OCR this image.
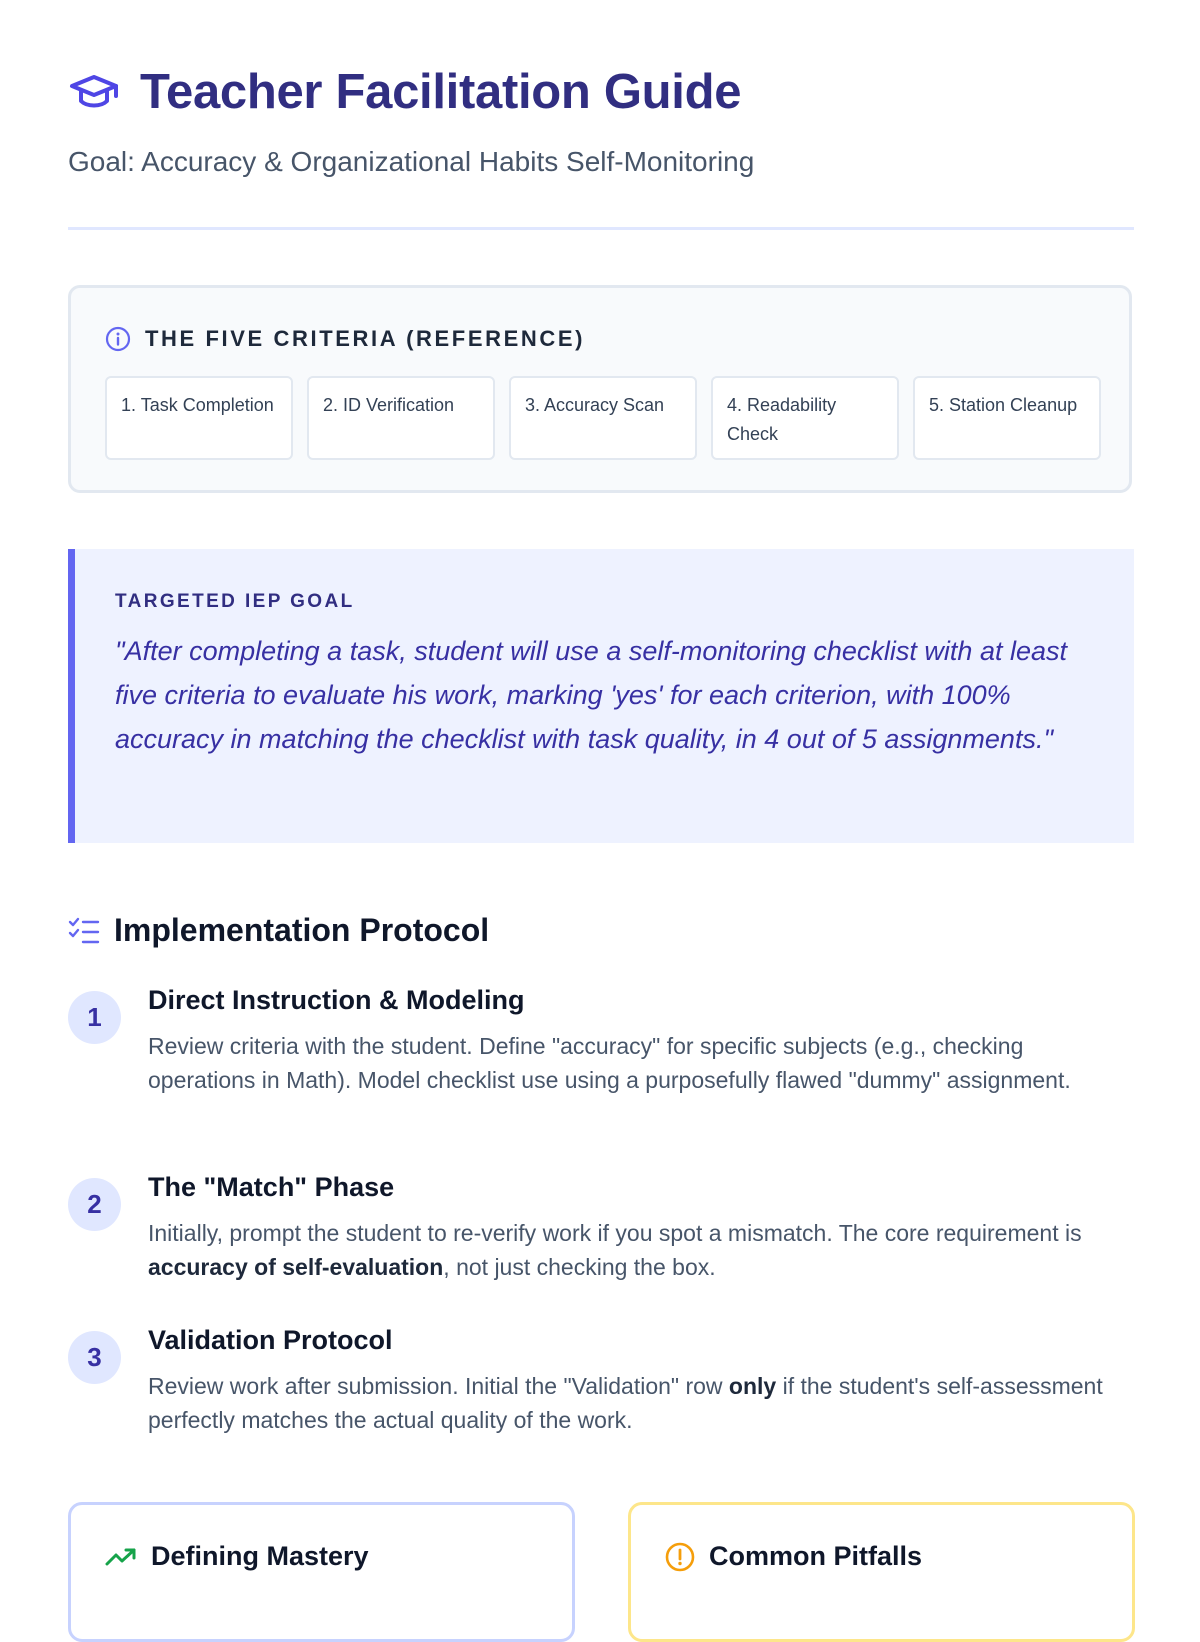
Teacher Facilitation Guide
Goal: Accuracy & Organizational Habits Self-Monitoring
THE FIVE CRITERIA (REFERENCE)
1. Task Completion	2. ID Verification	3. Accuracy Scan	4. Readability Check
5. Station Cleanup
TARGETED IEP GOAL
"After completing a task, student will use a self-monitoring checklist with at least five criteria to evaluate his work, marking 'yes' for each criterion, with 100% accuracy in matching the checklist with task quality, in 4 out of 5 assignments."
Implementation Protocol
1
Direct Instruction & Modeling
Review criteria with the student. Define "accuracy" for specific subjects (e.g., checking operations in Math). Model checklist use using a purposefully flawed "dummy" assignment.
2
The "Match" Phase
Initially, prompt the student to re-verify work if you spot a mismatch. The core requirement is accuracy of self-evaluation, not just checking the box.
3
Validation Protocol
Review work after submission. Initial the "Validation" row only if the student's self-assessment perfectly matches the actual quality of the work.
Defining Mastery	Common Pitfalls
